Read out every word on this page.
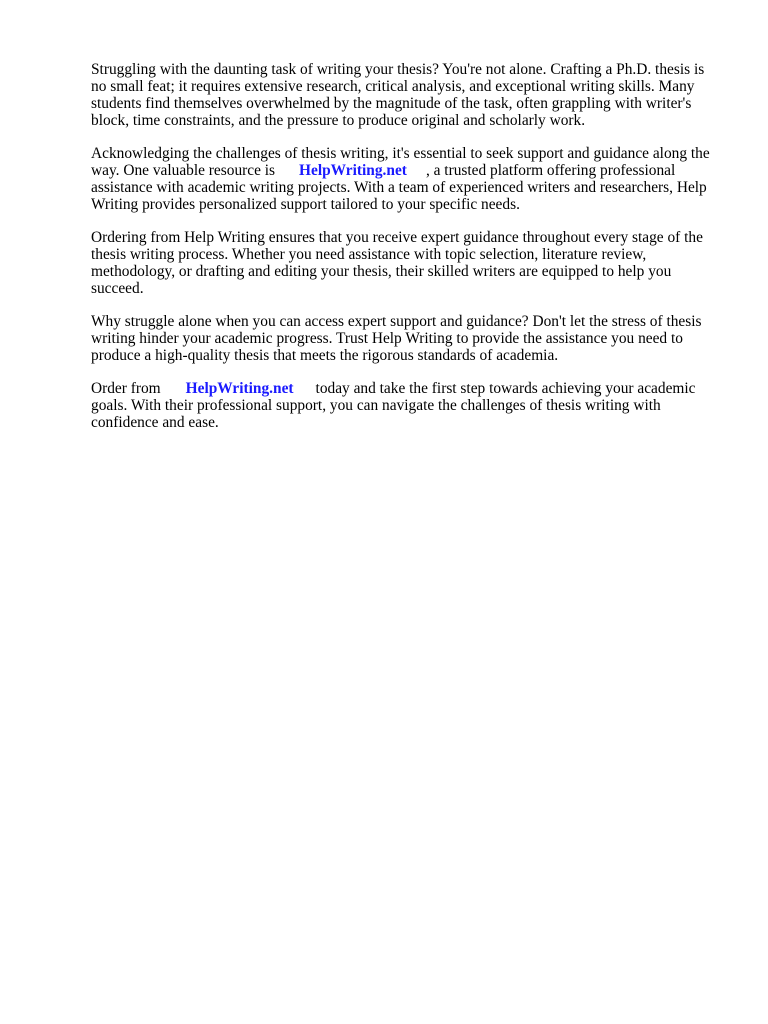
Struggling with the daunting task of writing your thesis? You're not alone. Crafting a Ph.D. thesis is
no small feat; it requires extensive research, critical analysis, and exceptional writing skills. Many
students find themselves overwhelmed by the magnitude of the task, often grappling with writer's
block, time constraints, and the pressure to produce original and scholarly work.

Acknowledging the challenges of thesis writing, it's essential to seek support and guidance along the
way. One valuable resource is HelpWriting.net , a trusted platform offering professional
assistance with academic writing projects. With a team of experienced writers and researchers, Help
Writing provides personalized support tailored to your specific needs.

Ordering from Help Writing ensures that you receive expert guidance throughout every stage of the
thesis writing process. Whether you need assistance with topic selection, literature review,
methodology, or drafting and editing your thesis, their skilled writers are equipped to help you
succeed.

Why struggle alone when you can access expert support and guidance? Don't let the stress of thesis
writing hinder your academic progress. Trust Help Writing to provide the assistance you need to
produce a high-quality thesis that meets the rigorous standards of academia.

Order from HelpWriting.net today and take the first step towards achieving your academic
goals. With their professional support, you can navigate the challenges of thesis writing with
confidence and ease.
